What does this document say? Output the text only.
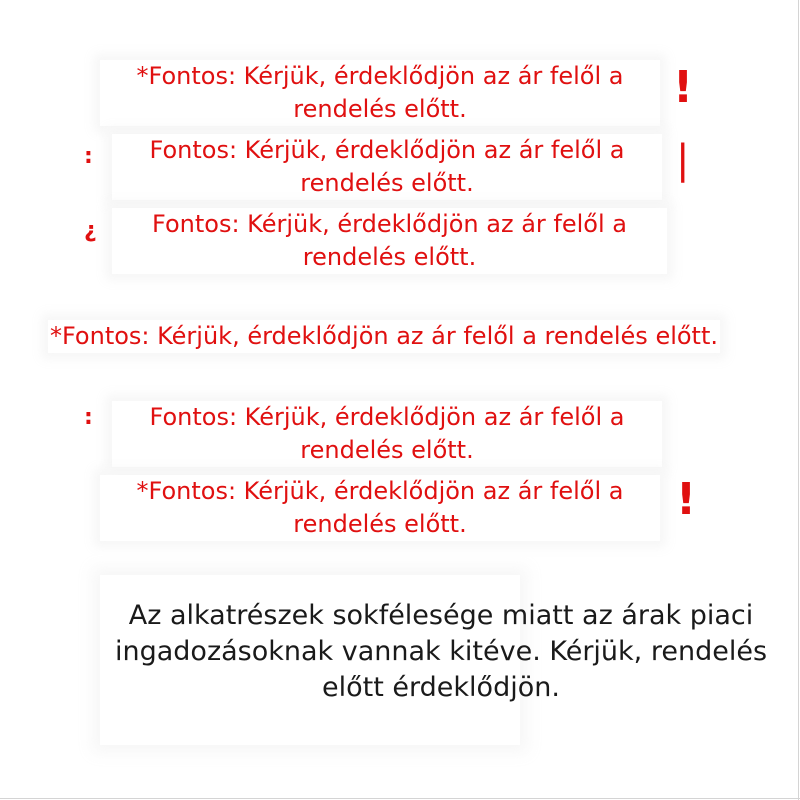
!
:	|
¿
:
!
*Fontos: Kérjük, érdeklődjön az ár felől a rendelés előtt.
Fontos: Kérjük, érdeklődjön az ár felől a rendelés előtt.
Fontos: Kérjük, érdeklődjön az ár felől a rendelés előtt.
*Fontos: Kérjük, érdeklődjön az ár felől a rendelés előtt.
Fontos: Kérjük, érdeklődjön az ár felől a rendelés előtt.
*Fontos: Kérjük, érdeklődjön az ár felől a rendelés előtt.
Az alkatrészek sokfélesége miatt az árak piaci ingadozásoknak vannak kitéve. Kérjük, rendelés előtt érdeklődjön.
